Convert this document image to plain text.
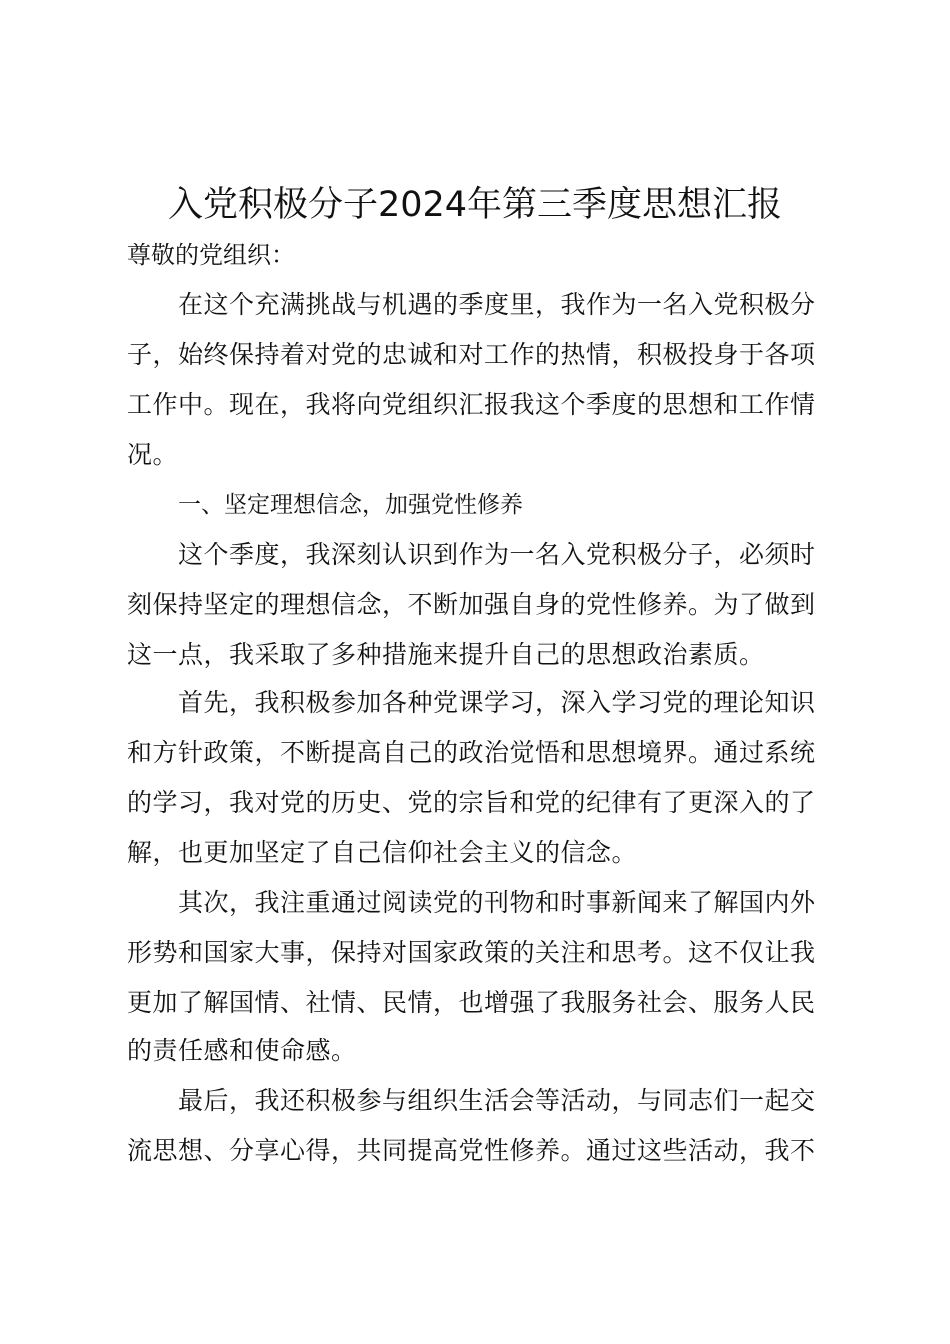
入党积极分子2024年第三季度思想汇报
尊敬的党组织：
在这个充满挑战与机遇的季度里，我作为一名入党积极分
子，始终保持着对党的忠诚和对工作的热情，积极投身于各项
工作中。现在，我将向党组织汇报我这个季度的思想和工作情
况。
一、坚定理想信念，加强党性修养
这个季度，我深刻认识到作为一名入党积极分子，必须时
刻保持坚定的理想信念，不断加强自身的党性修养。为了做到
这一点，我采取了多种措施来提升自己的思想政治素质。
首先，我积极参加各种党课学习，深入学习党的理论知识
和方针政策，不断提高自己的政治觉悟和思想境界。通过系统
的学习，我对党的历史、党的宗旨和党的纪律有了更深入的了
解，也更加坚定了自己信仰社会主义的信念。
其次，我注重通过阅读党的刊物和时事新闻来了解国内外
形势和国家大事，保持对国家政策的关注和思考。这不仅让我
更加了解国情、社情、民情，也增强了我服务社会、服务人民
的责任感和使命感。
最后，我还积极参与组织生活会等活动，与同志们一起交
流思想、分享心得，共同提高党性修养。通过这些活动，我不
